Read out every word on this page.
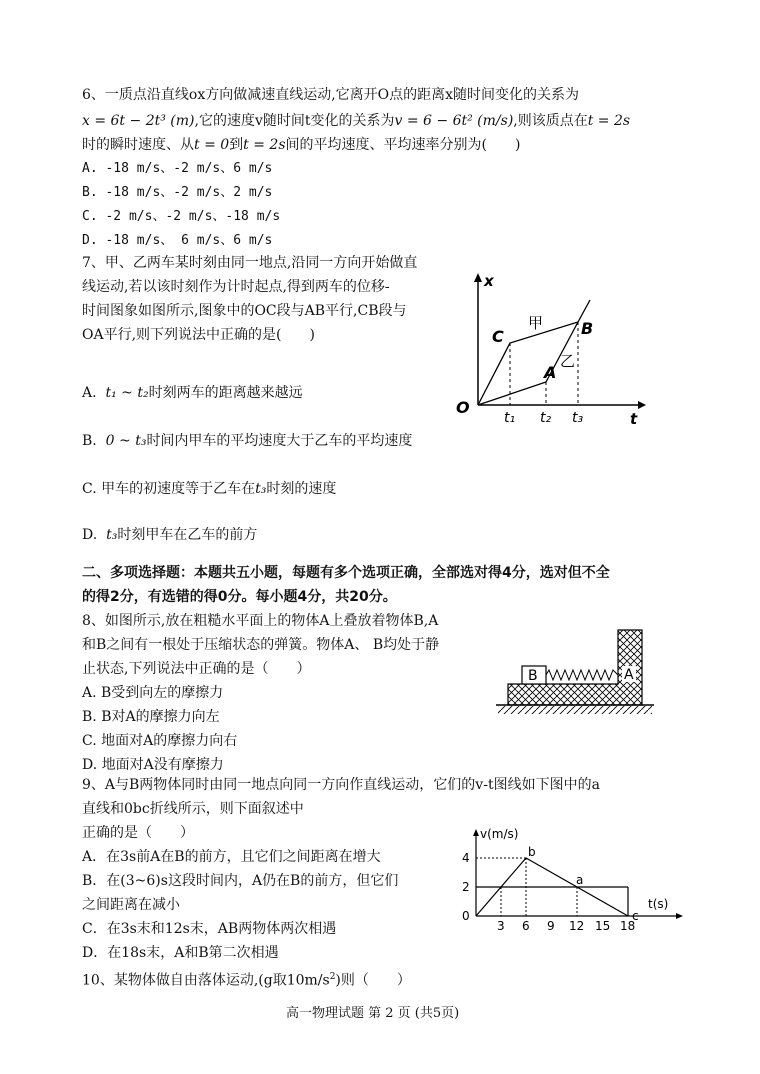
6、一质点沿直线ox方向做减速直线运动,它离开O点的距离x随时间变化的关系为
x = 6t − 2t³ (m),它的速度v随时间t变化的关系为v = 6 − 6t² (m/s),则该质点在t = 2s
时的瞬时速度、从t = 0到t = 2s间的平均速度、平均速率分别为(　　)
A. -18 m/s、-2 m/s、6 m/s
B. -18 m/s、-2 m/s、2 m/s
C. -2 m/s、-2 m/s、-18 m/s
D. -18 m/s、 6 m/s、6 m/s
7、甲、乙两车某时刻由同一地点,沿同一方向开始做直
线运动,若以该时刻作为计时起点,得到两车的位移-
时间图象如图所示,图象中的OC段与AB平行,CB段与
OA平行,则下列说法中正确的是(　　)
A. t₁ ~ t₂时刻两车的距离越来越远
B. 0 ~ t₃时间内甲车的平均速度大于乙车的平均速度
C. 甲车的初速度等于乙车在t₃时刻的速度
D. t₃时刻甲车在乙车的前方
x
t
O
C	B
A
甲
乙
t₁ t₂ t₃
二、多项选择题：本题共五小题，每题有多个选项正确，全部选对得4分，选对但不全
的得2分，有选错的得0分。每小题4分，共20分。
8、如图所示,放在粗糙水平面上的物体A上叠放着物体B,A
和B之间有一根处于压缩状态的弹簧。物体A、 B均处于静
止状态,下列说法中正确的是（　　）
A. B受到向左的摩擦力
B. B对A的摩擦力向左
C. 地面对A的摩擦力向右
D. 地面对A没有摩擦力
B	A
9、A与B两物体同时由同一地点向同一方向作直线运动，它们的v-t图线如下图中的a
直线和0bc折线所示，则下面叙述中
正确的是（　　）
A．在3s前A在B的前方，且它们之间距离在增大
B．在(3~6)s这段时间内，A仍在B的前方，但它们
之间距离在减小
C．在3s末和12s末，AB两物体两次相遇
D．在18s末，A和B第二次相遇
v(m/s)
t(s)
4
2
0
3 6 9 12 15 18
b
a
c
10、某物体做自由落体运动,(g取$10m/s^2$)则（　　）
高一物理试题 第 2 页 (共5页)
